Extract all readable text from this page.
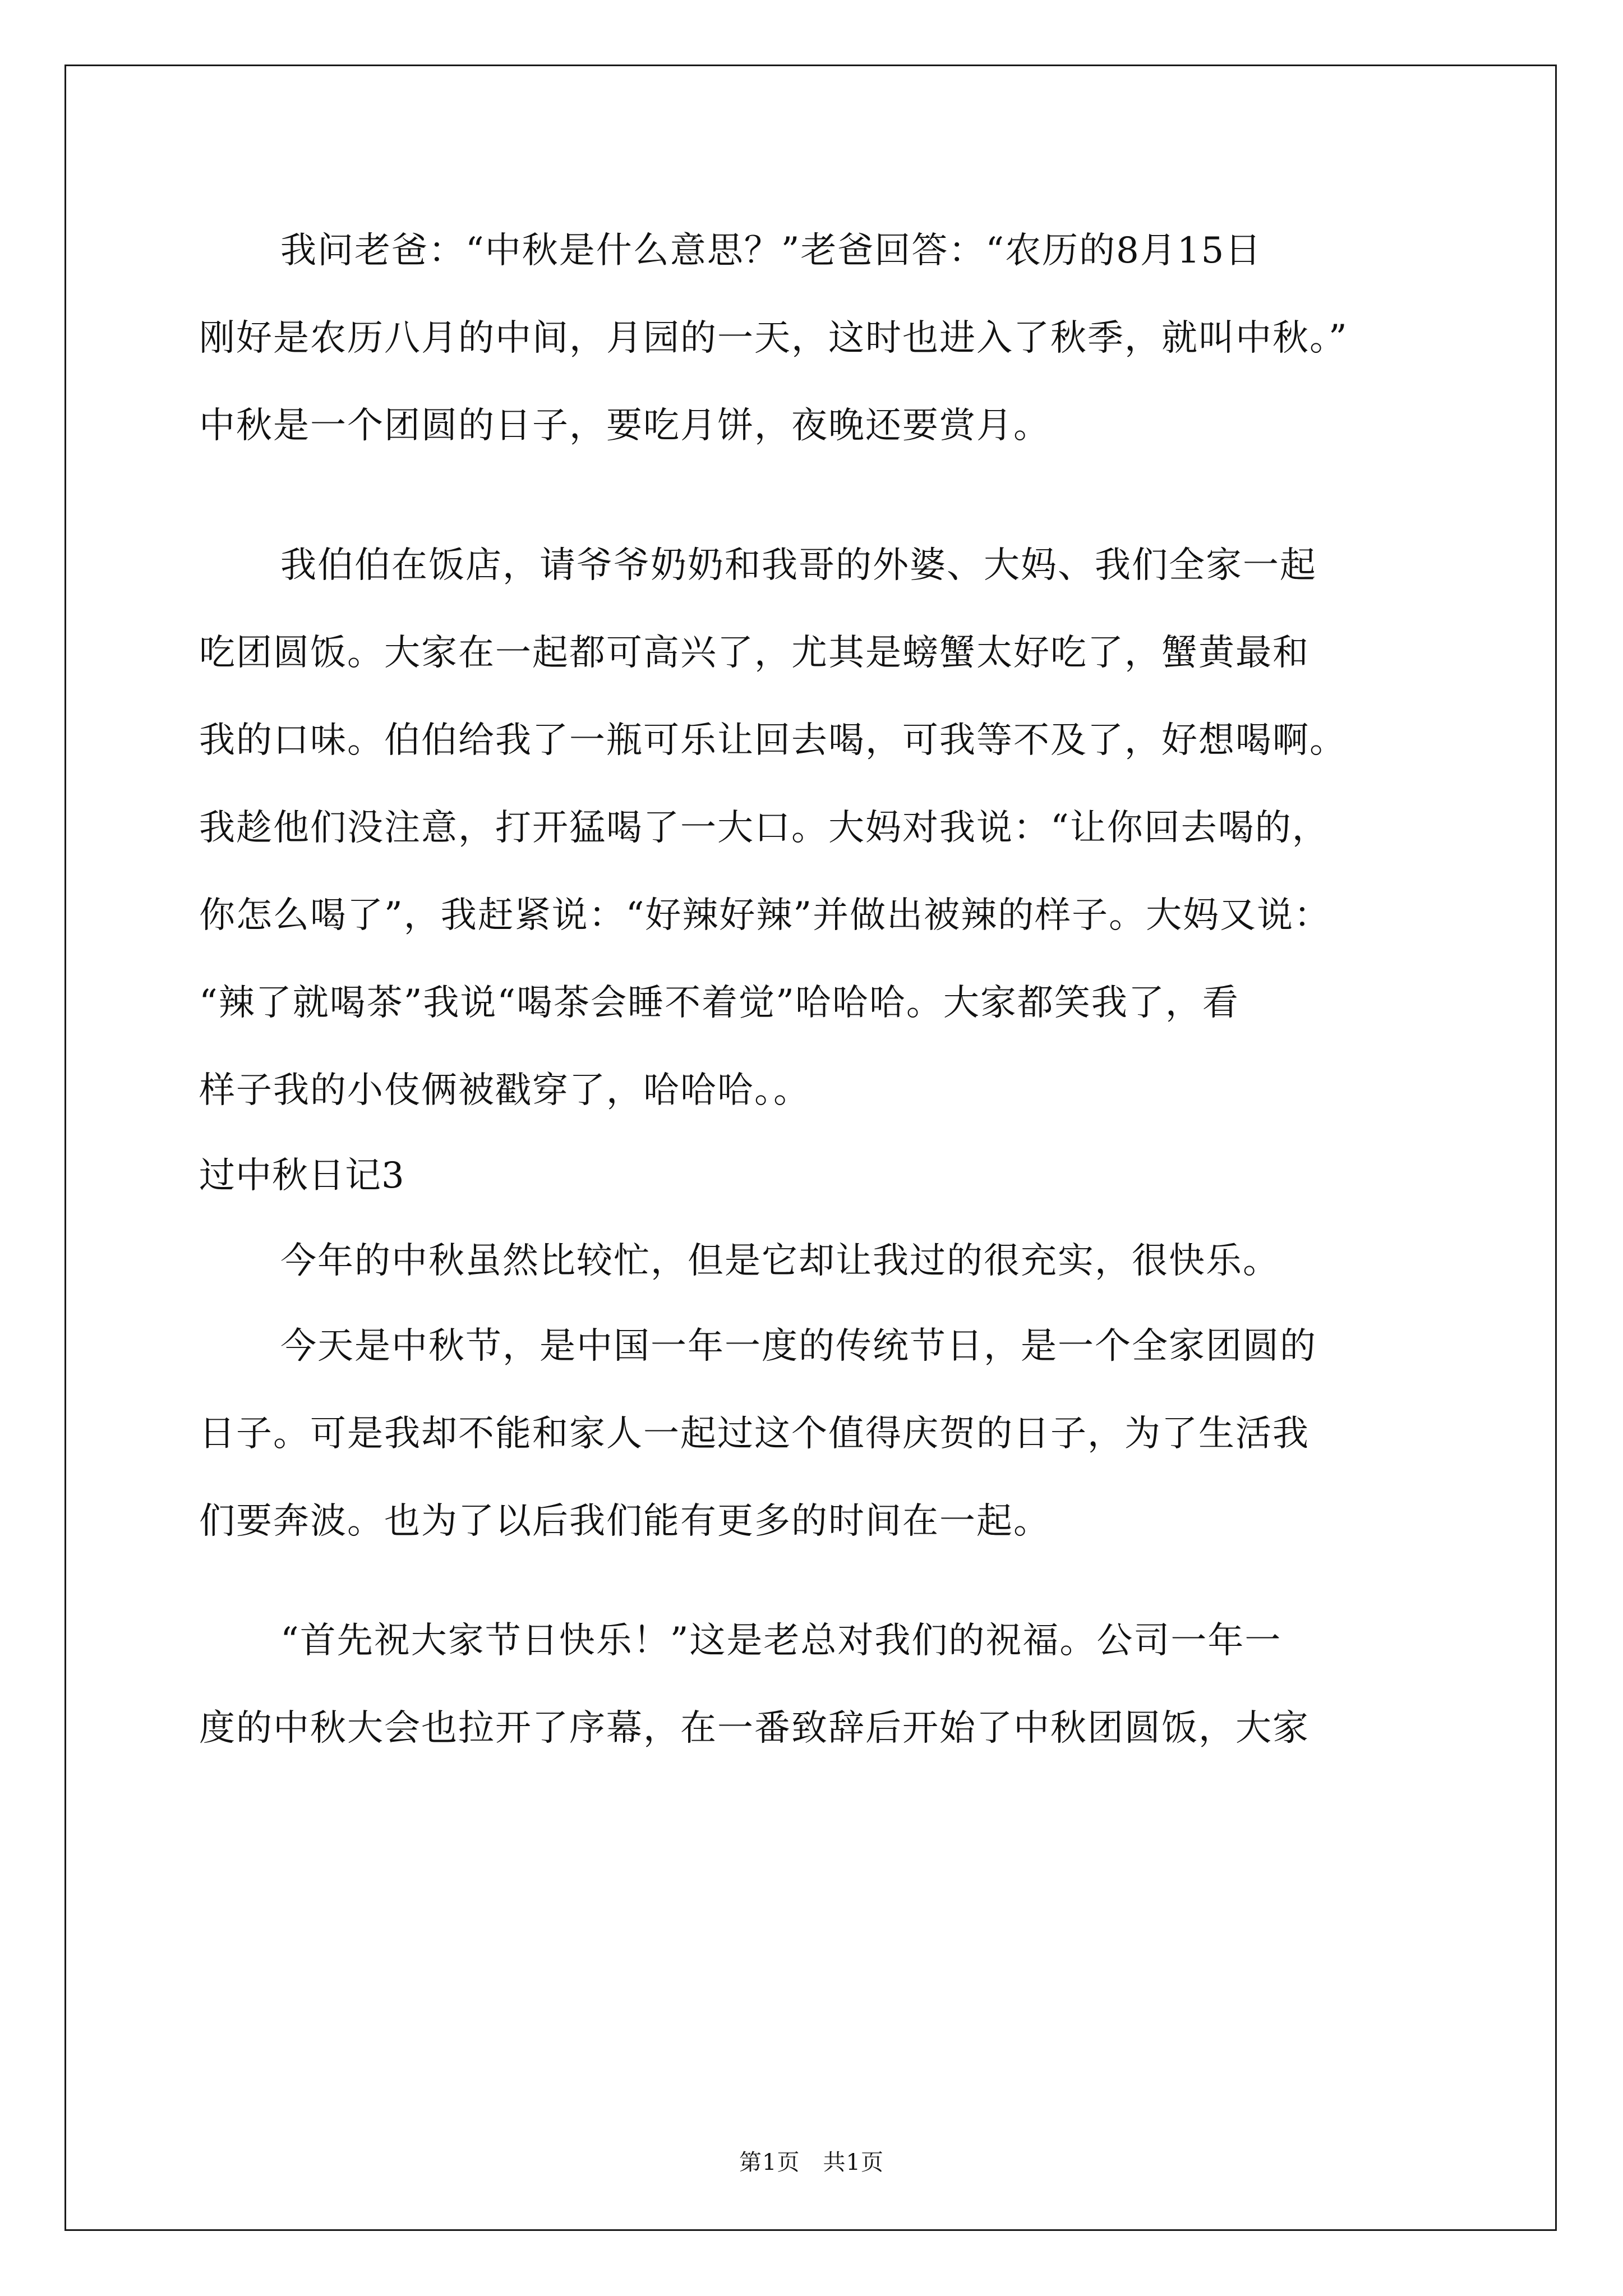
我问老爸：“中秋是什么意思？”老爸回答：“农历的8月15日
刚好是农历八月的中间，月园的一天，这时也进入了秋季，就叫中秋。”
中秋是一个团圆的日子，要吃月饼，夜晚还要赏月。
我伯伯在饭店，请爷爷奶奶和我哥的外婆、大妈、我们全家一起
吃团圆饭。大家在一起都可高兴了，尤其是螃蟹太好吃了，蟹黄最和
我的口味。伯伯给我了一瓶可乐让回去喝，可我等不及了，好想喝啊。
我趁他们没注意，打开猛喝了一大口。大妈对我说：“让你回去喝的，
你怎么喝了”，我赶紧说：“好辣好辣”并做出被辣的样子。大妈又说：
“辣了就喝茶”我说“喝茶会睡不着觉”哈哈哈。大家都笑我了，看
样子我的小伎俩被戳穿了，哈哈哈。。
过中秋日记3
今年的中秋虽然比较忙，但是它却让我过的很充实，很快乐。
今天是中秋节，是中国一年一度的传统节日，是一个全家团圆的
日子。可是我却不能和家人一起过这个值得庆贺的日子，为了生活我
们要奔波。也为了以后我们能有更多的时间在一起。
“首先祝大家节日快乐！”这是老总对我们的祝福。公司一年一
度的中秋大会也拉开了序幕，在一番致辞后开始了中秋团圆饭，大家
第1页　共1页
